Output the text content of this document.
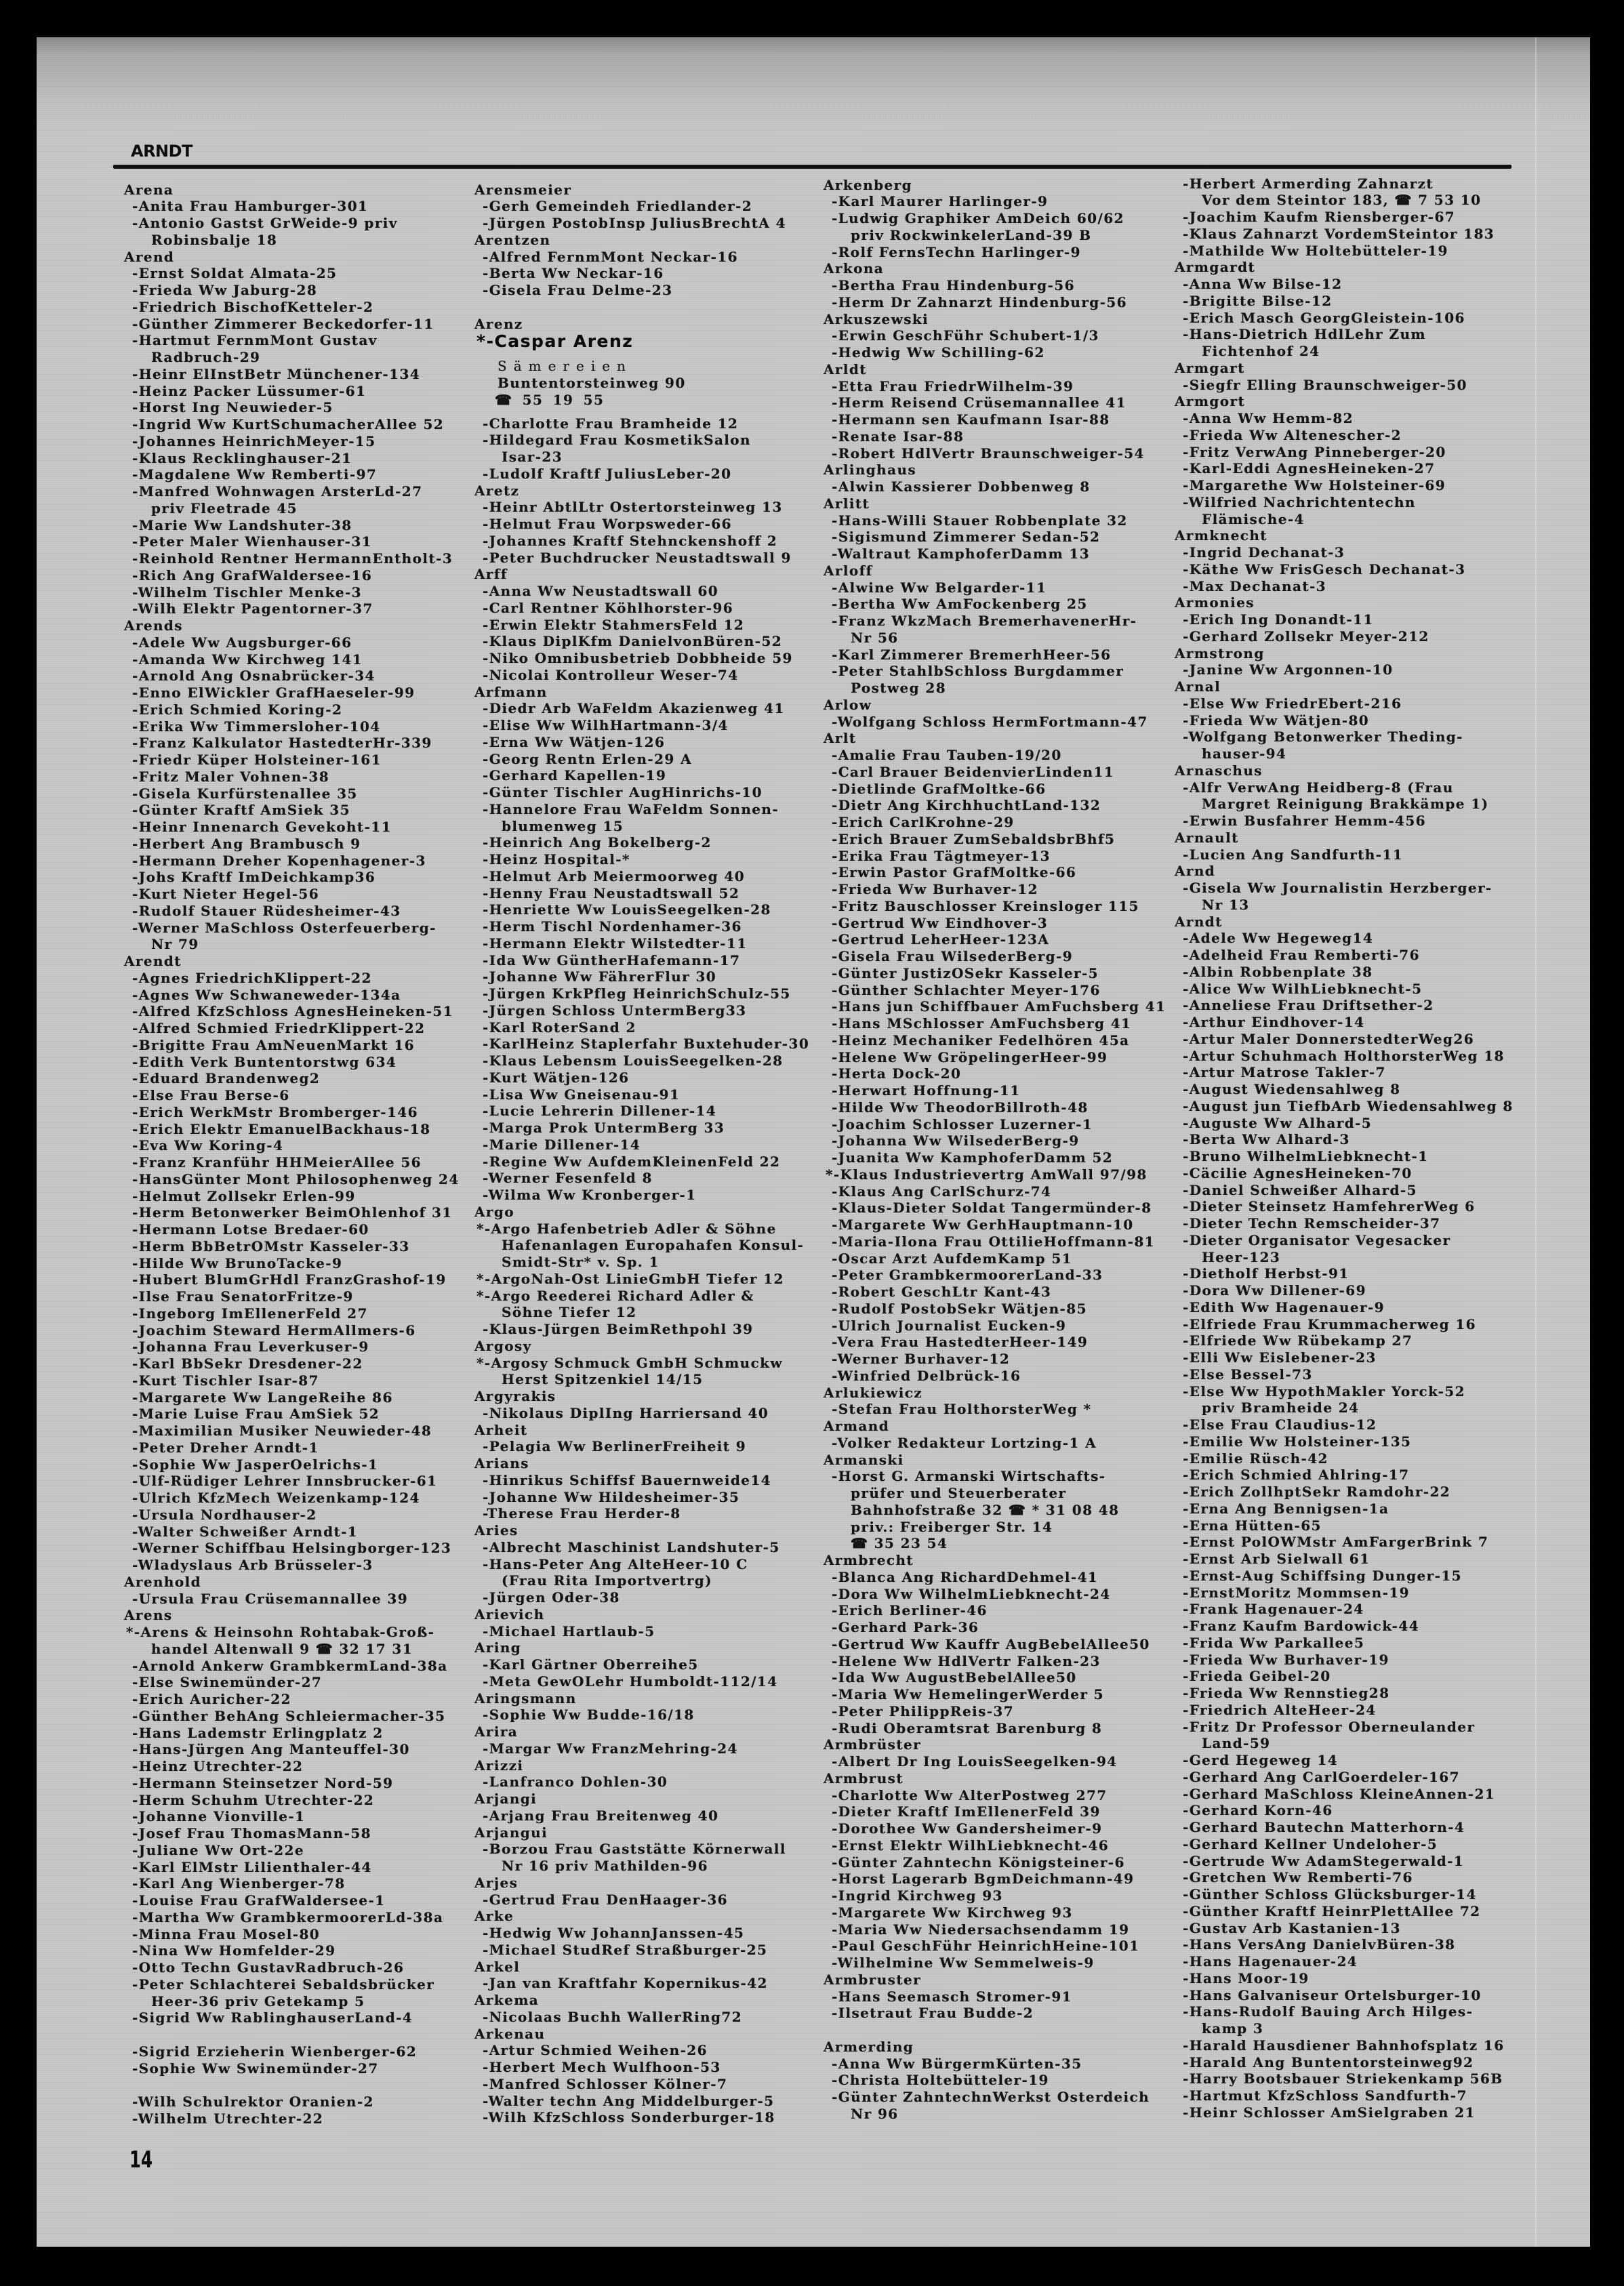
ARNDT
Arena
-Anita Frau Hamburger-301
-Antonio Gastst GrWeide-9 priv
Robinsbalje 18
Arend
-Ernst Soldat Almata-25
-Frieda Ww Jaburg-28
-Friedrich BischofKetteler-2
-Günther Zimmerer Beckedorfer-11
-Hartmut FernmMont Gustav
Radbruch-29
-Heinr ElInstBetr Münchener-134
-Heinz Packer Lüssumer-61
-Horst Ing Neuwieder-5
-Ingrid Ww KurtSchumacherAllee 52
-Johannes HeinrichMeyer-15
-Klaus Recklinghauser-21
-Magdalene Ww Remberti-97
-Manfred Wohnwagen ArsterLd-27
priv Fleetrade 45
-Marie Ww Landshuter-38
-Peter Maler Wienhauser-31
-Reinhold Rentner HermannEntholt-3
-Rich Ang GrafWaldersee-16
-Wilhelm Tischler Menke-3
-Wilh Elektr Pagentorner-37
Arends
-Adele Ww Augsburger-66
-Amanda Ww Kirchweg 141
-Arnold Ang Osnabrücker-34
-Enno ElWickler GrafHaeseler-99
-Erich Schmied Koring-2
-Erika Ww Timmersloher-104
-Franz Kalkulator HastedterHr-339
-Friedr Küper Holsteiner-161
-Fritz Maler Vohnen-38
-Gisela Kurfürstenallee 35
-Günter Kraftf AmSiek 35
-Heinr Innenarch Gevekoht-11
-Herbert Ang Brambusch 9
-Hermann Dreher Kopenhagener-3
-Johs Kraftf ImDeichkamp36
-Kurt Nieter Hegel-56
-Rudolf Stauer Rüdesheimer-43
-Werner MaSchloss Osterfeuerberg-
Nr 79
Arendt
-Agnes FriedrichKlippert-22
-Agnes Ww Schwaneweder-134a
-Alfred KfzSchloss AgnesHeineken-51
-Alfred Schmied FriedrKlippert-22
-Brigitte Frau AmNeuenMarkt 16
-Edith Verk Buntentorstwg 634
-Eduard Brandenweg2
-Else Frau Berse-6
-Erich WerkMstr Bromberger-146
-Erich Elektr EmanuelBackhaus-18
-Eva Ww Koring-4
-Franz Kranführ HHMeierAllee 56
-HansGünter Mont Philosophenweg 24
-Helmut Zollsekr Erlen-99
-Herm Betonwerker BeimOhlenhof 31
-Hermann Lotse Bredaer-60
-Herm BbBetrOMstr Kasseler-33
-Hilde Ww BrunoTacke-9
-Hubert BlumGrHdl FranzGrashof-19
-Ilse Frau SenatorFritze-9
-Ingeborg ImEllenerFeld 27
-Joachim Steward HermAllmers-6
-Johanna Frau Leverkuser-9
-Karl BbSekr Dresdener-22
-Kurt Tischler Isar-87
-Margarete Ww LangeReihe 86
-Marie Luise Frau AmSiek 52
-Maximilian Musiker Neuwieder-48
-Peter Dreher Arndt-1
-Sophie Ww JasperOelrichs-1
-Ulf-Rüdiger Lehrer Innsbrucker-61
-Ulrich KfzMech Weizenkamp-124
-Ursula Nordhauser-2
-Walter Schweißer Arndt-1
-Werner Schiffbau Helsingborger-123
-Wladyslaus Arb Brüsseler-3
Arenhold
-Ursula Frau Crüsemannallee 39
Arens
*-Arens & Heinsohn Rohtabak-Groß-
handel Altenwall 9 ☎ 32 17 31
-Arnold Ankerw GrambkermLand-38a
-Else Swinemünder-27
-Erich Auricher-22
-Günther BehAng Schleiermacher-35
-Hans Lademstr Erlingplatz 2
-Hans-Jürgen Ang Manteuffel-30
-Heinz Utrechter-22
-Hermann Steinsetzer Nord-59
-Herm Schuhm Utrechter-22
-Johanne Vionville-1
-Josef Frau ThomasMann-58
-Juliane Ww Ort-22e
-Karl ElMstr Lilienthaler-44
-Karl Ang Wienberger-78
-Louise Frau GrafWaldersee-1
-Martha Ww GrambkermoorerLd-38a
-Minna Frau Mosel-80
-Nina Ww Homfelder-29
-Otto Techn GustavRadbruch-26
-Peter Schlachterei Sebaldsbrücker
Heer-36 priv Getekamp 5
-Sigrid Ww RablinghauserLand-4
-Sigrid Erzieherin Wienberger-62
-Sophie Ww Swinemünder-27
-Wilh Schulrektor Oranien-2
-Wilhelm Utrechter-22
Arensmeier
-Gerh Gemeindeh Friedlander-2
-Jürgen PostobInsp JuliusBrechtA 4
Arentzen
-Alfred FernmMont Neckar-16
-Berta Ww Neckar-16
-Gisela Frau Delme-23
Arenz
*-Caspar Arenz
Sämereien
Buntentorsteinweg 90
☎ 55 19 55
-Charlotte Frau Bramheide 12
-Hildegard Frau KosmetikSalon
Isar-23
-Ludolf Kraftf JuliusLeber-20
Aretz
-Heinr AbtlLtr Ostertorsteinweg 13
-Helmut Frau Worpsweder-66
-Johannes Kraftf Stehnckenshoff 2
-Peter Buchdrucker Neustadtswall 9
Arff
-Anna Ww Neustadtswall 60
-Carl Rentner Köhlhorster-96
-Erwin Elektr StahmersFeld 12
-Klaus DiplKfm DanielvonBüren-52
-Niko Omnibusbetrieb Dobbheide 59
-Nicolai Kontrolleur Weser-74
Arfmann
-Diedr Arb WaFeldm Akazienweg 41
-Elise Ww WilhHartmann-3/4
-Erna Ww Wätjen-126
-Georg Rentn Erlen-29 A
-Gerhard Kapellen-19
-Günter Tischler AugHinrichs-10
-Hannelore Frau WaFeldm Sonnen-
blumenweg 15
-Heinrich Ang Bokelberg-2
-Heinz Hospital-*
-Helmut Arb Meiermoorweg 40
-Henny Frau Neustadtswall 52
-Henriette Ww LouisSeegelken-28
-Herm Tischl Nordenhamer-36
-Hermann Elektr Wilstedter-11
-Ida Ww GüntherHafemann-17
-Johanne Ww FährerFlur 30
-Jürgen KrkPfleg HeinrichSchulz-55
-Jürgen Schloss UntermBerg33
-Karl RoterSand 2
-KarlHeinz Staplerfahr Buxtehuder-30
-Klaus Lebensm LouisSeegelken-28
-Kurt Wätjen-126
-Lisa Ww Gneisenau-91
-Lucie Lehrerin Dillener-14
-Marga Prok UntermBerg 33
-Marie Dillener-14
-Regine Ww AufdemKleinenFeld 22
-Werner Fesenfeld 8
-Wilma Ww Kronberger-1
Argo
*-Argo Hafenbetrieb Adler & Söhne
Hafenanlagen Europahafen Konsul-
Smidt-Str* v. Sp. 1
*-ArgoNah-Ost LinieGmbH Tiefer 12
*-Argo Reederei Richard Adler &
Söhne Tiefer 12
-Klaus-Jürgen BeimRethpohl 39
Argosy
*-Argosy Schmuck GmbH Schmuckw
Herst Spitzenkiel 14/15
Argyrakis
-Nikolaus DiplIng Harriersand 40
Arheit
-Pelagia Ww BerlinerFreiheit 9
Arians
-Hinrikus Schiffsf Bauernweide14
-Johanne Ww Hildesheimer-35
-Therese Frau Herder-8
Aries
-Albrecht Maschinist Landshuter-5
-Hans-Peter Ang AlteHeer-10 C
(Frau Rita Importvertrg)
-Jürgen Oder-38
Arievich
-Michael Hartlaub-5
Aring
-Karl Gärtner Oberreihe5
-Meta GewOLehr Humboldt-112/14
Aringsmann
-Sophie Ww Budde-16/18
Arira
-Margar Ww FranzMehring-24
Arizzi
-Lanfranco Dohlen-30
Arjangi
-Arjang Frau Breitenweg 40
Arjangui
-Borzou Frau Gaststätte Körnerwall
Nr 16 priv Mathilden-96
Arjes
-Gertrud Frau DenHaager-36
Arke
-Hedwig Ww JohannJanssen-45
-Michael StudRef Straßburger-25
Arkel
-Jan van Kraftfahr Kopernikus-42
Arkema
-Nicolaas Buchh WallerRing72
Arkenau
-Artur Schmied Weihen-26
-Herbert Mech Wulfhoon-53
-Manfred Schlosser Kölner-7
-Walter techn Ang Middelburger-5
-Wilh KfzSchloss Sonderburger-18
Arkenberg
-Karl Maurer Harlinger-9
-Ludwig Graphiker AmDeich 60/62
priv RockwinkelerLand-39 B
-Rolf FernsTechn Harlinger-9
Arkona
-Bertha Frau Hindenburg-56
-Herm Dr Zahnarzt Hindenburg-56
Arkuszewski
-Erwin GeschFühr Schubert-1/3
-Hedwig Ww Schilling-62
Arldt
-Etta Frau FriedrWilhelm-39
-Herm Reisend Crüsemannallee 41
-Hermann sen Kaufmann Isar-88
-Renate Isar-88
-Robert HdlVertr Braunschweiger-54
Arlinghaus
-Alwin Kassierer Dobbenweg 8
Arlitt
-Hans-Willi Stauer Robbenplate 32
-Sigismund Zimmerer Sedan-52
-Waltraut KamphoferDamm 13
Arloff
-Alwine Ww Belgarder-11
-Bertha Ww AmFockenberg 25
-Franz WkzMach BremerhavenerHr-
Nr 56
-Karl Zimmerer BremerhHeer-56
-Peter StahlbSchloss Burgdammer
Postweg 28
Arlow
-Wolfgang Schloss HermFortmann-47
Arlt
-Amalie Frau Tauben-19/20
-Carl Brauer BeidenvierLinden11
-Dietlinde GrafMoltke-66
-Dietr Ang KirchhuchtLand-132
-Erich CarlKrohne-29
-Erich Brauer ZumSebaldsbrBhf5
-Erika Frau Tägtmeyer-13
-Erwin Pastor GrafMoltke-66
-Frieda Ww Burhaver-12
-Fritz Bauschlosser Kreinsloger 115
-Gertrud Ww Eindhover-3
-Gertrud LeherHeer-123A
-Gisela Frau WilsederBerg-9
-Günter JustizOSekr Kasseler-5
-Günther Schlachter Meyer-176
-Hans jun Schiffbauer AmFuchsberg 41
-Hans MSchlosser AmFuchsberg 41
-Heinz Mechaniker Fedelhören 45a
-Helene Ww GröpelingerHeer-99
-Herta Dock-20
-Herwart Hoffnung-11
-Hilde Ww TheodorBillroth-48
-Joachim Schlosser Luzerner-1
-Johanna Ww WilsederBerg-9
-Juanita Ww KamphoferDamm 52
*-Klaus Industrievertrg AmWall 97/98
-Klaus Ang CarlSchurz-74
-Klaus-Dieter Soldat Tangermünder-8
-Margarete Ww GerhHauptmann-10
-Maria-Ilona Frau OttilieHoffmann-81
-Oscar Arzt AufdemKamp 51
-Peter GrambkermoorerLand-33
-Robert GeschLtr Kant-43
-Rudolf PostobSekr Wätjen-85
-Ulrich Journalist Eucken-9
-Vera Frau HastedterHeer-149
-Werner Burhaver-12
-Winfried Delbrück-16
Arlukiewicz
-Stefan Frau HolthorsterWeg *
Armand
-Volker Redakteur Lortzing-1 A
Armanski
-Horst G. Armanski Wirtschafts-
prüfer und Steuerberater
Bahnhofstraße 32 ☎ * 31 08 48
priv.: Freiberger Str. 14
☎ 35 23 54
Armbrecht
-Blanca Ang RichardDehmel-41
-Dora Ww WilhelmLiebknecht-24
-Erich Berliner-46
-Gerhard Park-36
-Gertrud Ww Kauffr AugBebelAllee50
-Helene Ww HdlVertr Falken-23
-Ida Ww AugustBebelAllee50
-Maria Ww HemelingerWerder 5
-Peter PhilippReis-37
-Rudi Oberamtsrat Barenburg 8
Armbrüster
-Albert Dr Ing LouisSeegelken-94
Armbrust
-Charlotte Ww AlterPostweg 277
-Dieter Kraftf ImEllenerFeld 39
-Dorothee Ww Gandersheimer-9
-Ernst Elektr WilhLiebknecht-46
-Günter Zahntechn Königsteiner-6
-Horst Lagerarb BgmDeichmann-49
-Ingrid Kirchweg 93
-Margarete Ww Kirchweg 93
-Maria Ww Niedersachsendamm 19
-Paul GeschFühr HeinrichHeine-101
-Wilhelmine Ww Semmelweis-9
Armbruster
-Hans Seemasch Stromer-91
-Ilsetraut Frau Budde-2
Armerding
-Anna Ww BürgermKürten-35
-Christa Holtebütteler-19
-Günter ZahntechnWerkst Osterdeich
Nr 96
-Herbert Armerding Zahnarzt
Vor dem Steintor 183, ☎ 7 53 10
-Joachim Kaufm Riensberger-67
-Klaus Zahnarzt VordemSteintor 183
-Mathilde Ww Holtebütteler-19
Armgardt
-Anna Ww Bilse-12
-Brigitte Bilse-12
-Erich Masch GeorgGleistein-106
-Hans-Dietrich HdlLehr Zum
Fichtenhof 24
Armgart
-Siegfr Elling Braunschweiger-50
Armgort
-Anna Ww Hemm-82
-Frieda Ww Altenescher-2
-Fritz VerwAng Pinneberger-20
-Karl-Eddi AgnesHeineken-27
-Margarethe Ww Holsteiner-69
-Wilfried Nachrichtentechn
Flämische-4
Armknecht
-Ingrid Dechanat-3
-Käthe Ww FrisGesch Dechanat-3
-Max Dechanat-3
Armonies
-Erich Ing Donandt-11
-Gerhard Zollsekr Meyer-212
Armstrong
-Janine Ww Argonnen-10
Arnal
-Else Ww FriedrEbert-216
-Frieda Ww Wätjen-80
-Wolfgang Betonwerker Theding-
hauser-94
Arnaschus
-Alfr VerwAng Heidberg-8 (Frau
Margret Reinigung Brakkämpe 1)
-Erwin Busfahrer Hemm-456
Arnault
-Lucien Ang Sandfurth-11
Arnd
-Gisela Ww Journalistin Herzberger-
Nr 13
Arndt
-Adele Ww Hegeweg14
-Adelheid Frau Remberti-76
-Albin Robbenplate 38
-Alice Ww WilhLiebknecht-5
-Anneliese Frau Driftsether-2
-Arthur Eindhover-14
-Artur Maler DonnerstedterWeg26
-Artur Schuhmach HolthorsterWeg 18
-Artur Matrose Takler-7
-August Wiedensahlweg 8
-August jun TiefbArb Wiedensahlweg 8
-Auguste Ww Alhard-5
-Berta Ww Alhard-3
-Bruno WilhelmLiebknecht-1
-Cäcilie AgnesHeineken-70
-Daniel Schweißer Alhard-5
-Dieter Steinsetz HamfehrerWeg 6
-Dieter Techn Remscheider-37
-Dieter Organisator Vegesacker
Heer-123
-Dietholf Herbst-91
-Dora Ww Dillener-69
-Edith Ww Hagenauer-9
-Elfriede Frau Krummacherweg 16
-Elfriede Ww Rübekamp 27
-Elli Ww Eislebener-23
-Else Bessel-73
-Else Ww HypothMakler Yorck-52
priv Bramheide 24
-Else Frau Claudius-12
-Emilie Ww Holsteiner-135
-Emilie Rüsch-42
-Erich Schmied Ahlring-17
-Erich ZollhptSekr Ramdohr-22
-Erna Ang Bennigsen-1a
-Erna Hütten-65
-Ernst PolOWMstr AmFargerBrink 7
-Ernst Arb Sielwall 61
-Ernst-Aug Schiffsing Dunger-15
-ErnstMoritz Mommsen-19
-Frank Hagenauer-24
-Franz Kaufm Bardowick-44
-Frida Ww Parkallee5
-Frieda Ww Burhaver-19
-Frieda Geibel-20
-Frieda Ww Rennstieg28
-Friedrich AlteHeer-24
-Fritz Dr Professor Oberneulander
Land-59
-Gerd Hegeweg 14
-Gerhard Ang CarlGoerdeler-167
-Gerhard MaSchloss KleineAnnen-21
-Gerhard Korn-46
-Gerhard Bautechn Matterhorn-4
-Gerhard Kellner Undeloher-5
-Gertrude Ww AdamStegerwald-1
-Gretchen Ww Remberti-76
-Günther Schloss Glücksburger-14
-Günther Kraftf HeinrPlettAllee 72
-Gustav Arb Kastanien-13
-Hans VersAng DanielvBüren-38
-Hans Hagenauer-24
-Hans Moor-19
-Hans Galvaniseur Ortelsburger-10
-Hans-Rudolf Bauing Arch Hilges-
kamp 3
-Harald Hausdiener Bahnhofsplatz 16
-Harald Ang Buntentorsteinweg92
-Harry Bootsbauer Striekenkamp 56B
-Hartmut KfzSchloss Sandfurth-7
-Heinr Schlosser AmSielgraben 21
14
